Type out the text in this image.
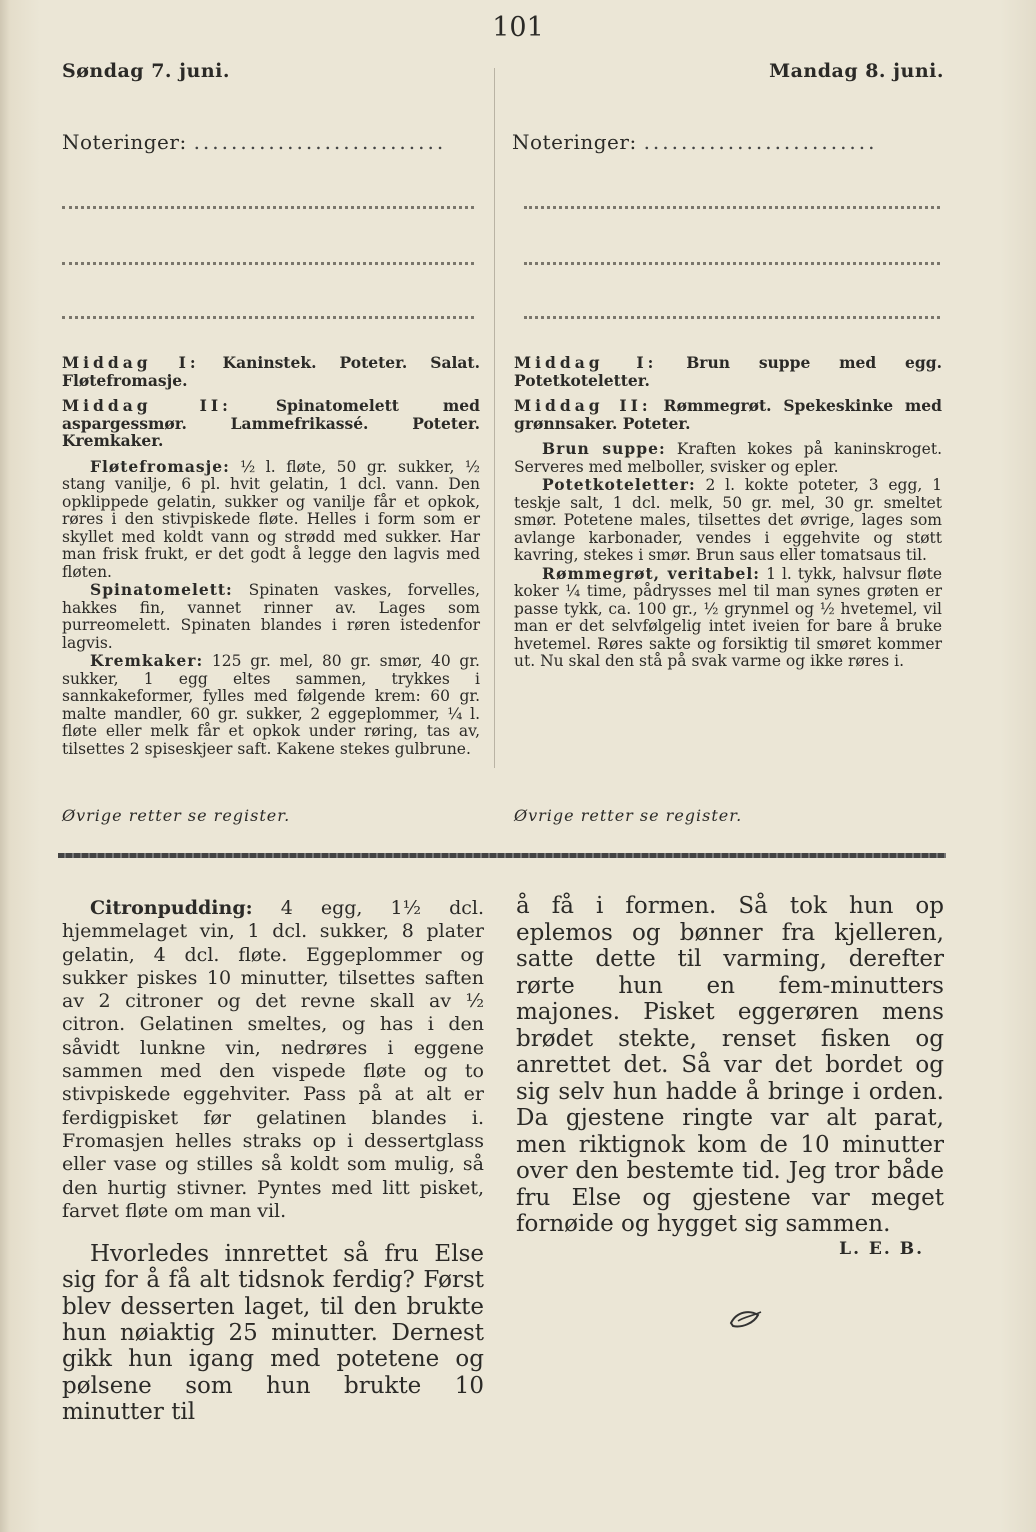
101
Søndag 7. juni.	Mandag 8. juni.
Noteringer: ...........................	Noteringer: .........................

Middag I: Kaninstek. Poteter. Salat. Fløtefromasje.

Middag II:	Spinatomelett med aspargessmør. Lammefrikassé. Poteter. Kremkaker.

Fløtefromasje: ½ l. fløte, 50 gr. sukker, ½ stang vanilje, 6 pl. hvit gelatin, 1 dcl. vann. Den opklippede gelatin, sukker og vanilje får et opkok, røres i den stivpiskede fløte. Helles i form som er skyllet med koldt vann og strødd med sukker. Har man frisk frukt, er det godt å legge den lagvis med fløten.

Spinatomelett: Spinaten vaskes, forvelles, hakkes fin, vannet rinner av. Lages som purreomelett. Spinaten blandes i røren istedenfor lagvis.

Kremkaker: 125 gr. mel, 80 gr. smør, 40 gr. sukker, 1 egg eltes sammen, trykkes i sannkakeformer, fylles med følgende krem: 60 gr. malte mandler, 60 gr. sukker, 2 eggeplommer, ¼ l. fløte eller melk får et opkok under røring, tas av, tilsettes 2 spiseskjeer saft. Kakene stekes gulbrune.

Øvrige retter se register.

Middag I: Brun suppe med egg. Potetkoteletter.

Middag II: Rømmegrøt. Spekeskinke med grønnsaker. Poteter.

Brun suppe: Kraften kokes på kaninskroget. Serveres med melboller, svisker og epler.

Potetkoteletter: 2 l. kokte poteter, 3 egg, 1 teskje salt, 1 dcl. melk, 50 gr. mel, 30 gr. smeltet smør. Potetene males, tilsettes det øvrige, lages som avlange karbonader, vendes i eggehvite og støtt kavring, stekes i smør. Brun saus eller tomatsaus til.

Rømmegrøt, veritabel: 1 l. tykk, halvsur fløte koker ¼ time, pådrysses mel til man synes grøten er passe tykk, ca. 100 gr., ½ grynmel og ½ hvetemel, vil man er det selvfølgelig intet iveien for bare å bruke hvetemel. Røres sakte og forsiktig til smøret kommer ut. Nu skal den stå på svak varme og ikke røres i.

Øvrige retter se register.

Citronpudding: 4 egg, 1½ dcl. hjemmelaget vin, 1 dcl. sukker, 8 plater gelatin, 4 dcl. fløte. Eggeplommer og sukker piskes 10 minutter, tilsettes saften av 2 citroner og det revne skall av ½ citron. Gelatinen smeltes, og has i den såvidt lunkne vin, nedrøres i eggene sammen med den vispede fløte og to stivpiskede eggehviter. Pass på at alt er ferdigpisket før gelatinen blandes i. Fromasjen helles straks op i dessertglass eller vase og stilles så koldt som mulig, så den hurtig stivner. Pyntes med litt pisket, farvet fløte om man vil.

Hvorledes innrettet så fru Else sig for å få alt tidsnok ferdig? Først blev desserten laget, til den brukte hun nøiaktig 25 minutter. Dernest gikk hun igang med potetene og pølsene som hun brukte 10 minutter til

å få i formen. Så tok hun op eplemos og bønner fra kjelleren, satte dette til varming, derefter rørte hun en fem-minutters majones. Pisket eggerøren mens brødet stekte, renset fisken og anrettet det. Så var det bordet og sig selv hun hadde å bringe i orden. Da gjestene ringte var alt parat, men riktignok kom de 10 minutter over den bestemte tid. Jeg tror både fru Else og gjestene var meget fornøide og hygget sig sammen.

L. E. B.
